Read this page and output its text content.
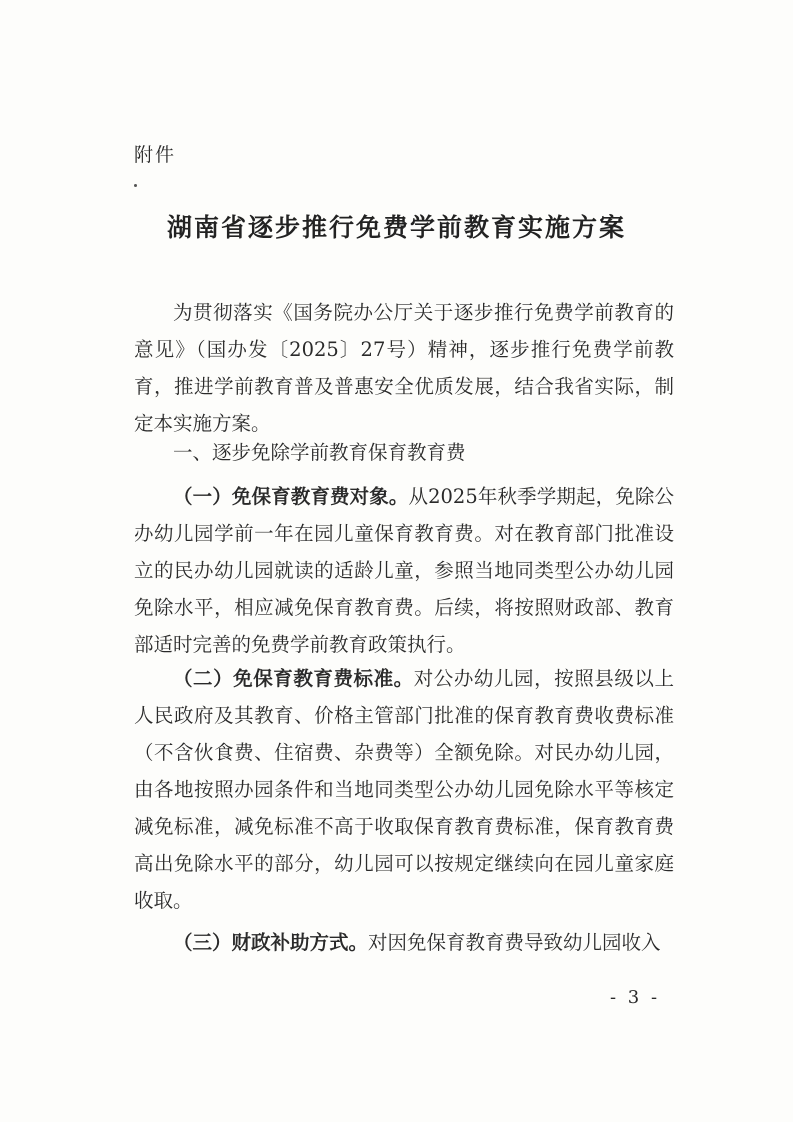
附件
湖南省逐步推行免费学前教育实施方案

为贯彻落实《国务院办公厅关于逐步推行免费学前教育的意见》（国办发〔2025〕27号）精神，逐步推行免费学前教育，推进学前教育普及普惠安全优质发展，结合我省实际，制定本实施方案。

一、逐步免除学前教育保育教育费

（一）免保育教育费对象。从2025年秋季学期起，免除公办幼儿园学前一年在园儿童保育教育费。对在教育部门批准设立的民办幼儿园就读的适龄儿童，参照当地同类型公办幼儿园免除水平，相应减免保育教育费。后续，将按照财政部、教育部适时完善的免费学前教育政策执行。

（二）免保育教育费标准。对公办幼儿园，按照县级以上人民政府及其教育、价格主管部门批准的保育教育费收费标准（不含伙食费、住宿费、杂费等）全额免除。对民办幼儿园，由各地按照办园条件和当地同类型公办幼儿园免除水平等核定减免标准，减免标准不高于收取保育教育费标准，保育教育费高出免除水平的部分，幼儿园可以按规定继续向在园儿童家庭收取。

（三）财政补助方式。对因免保育教育费导致幼儿园收入

- 3 -
